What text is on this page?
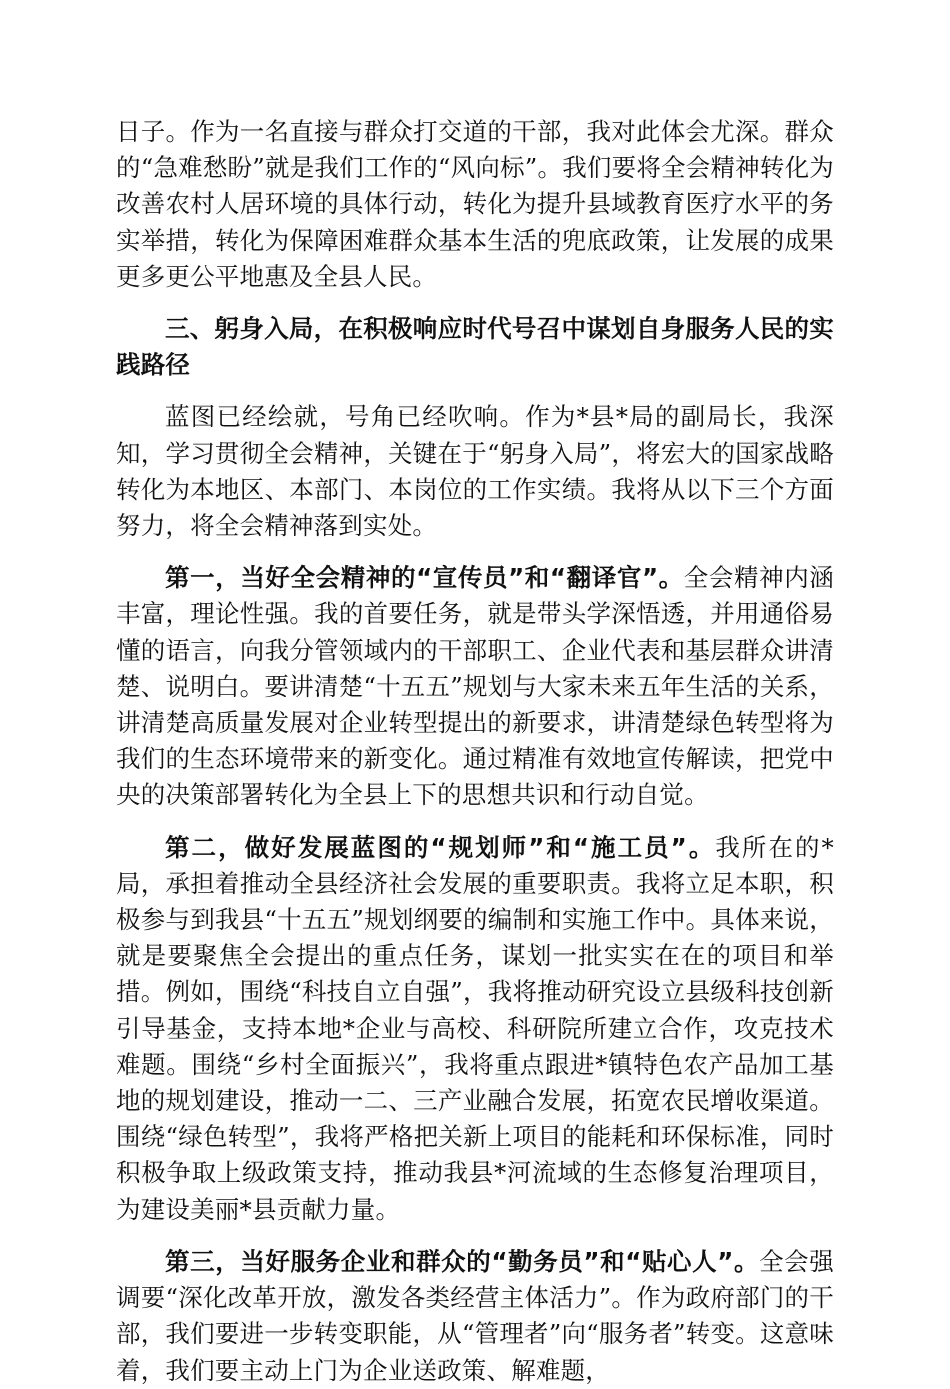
日子。作为一名直接与群众打交道的干部，我对此体会尤深。群众的“急难愁盼”就是我们工作的“风向标”。我们要将全会精神转化为改善农村人居环境的具体行动，转化为提升县域教育医疗水平的务实举措，转化为保障困难群众基本生活的兜底政策，让发展的成果更多更公平地惠及全县人民。

三、躬身入局，在积极响应时代号召中谋划自身服务人民的实践路径

蓝图已经绘就，号角已经吹响。作为*县*局的副局长，我深知，学习贯彻全会精神，关键在于“躬身入局”，将宏大的国家战略转化为本地区、本部门、本岗位的工作实绩。我将从以下三个方面努力，将全会精神落到实处。

第一，当好全会精神的“宣传员”和“翻译官”。全会精神内涵丰富，理论性强。我的首要任务，就是带头学深悟透，并用通俗易懂的语言，向我分管领域内的干部职工、企业代表和基层群众讲清楚、说明白。要讲清楚“十五五”规划与大家未来五年生活的关系，讲清楚高质量发展对企业转型提出的新要求，讲清楚绿色转型将为我们的生态环境带来的新变化。通过精准有效地宣传解读，把党中央的决策部署转化为全县上下的思想共识和行动自觉。

第二，做好发展蓝图的“规划师”和“施工员”。我所在的*局，承担着推动全县经济社会发展的重要职责。我将立足本职，积极参与到我县“十五五”规划纲要的编制和实施工作中。具体来说，就是要聚焦全会提出的重点任务，谋划一批实实在在的项目和举措。例如，围绕“科技自立自强”，我将推动研究设立县级科技创新引导基金，支持本地*企业与高校、科研院所建立合作，攻克技术难题。围绕“乡村全面振兴”，我将重点跟进*镇特色农产品加工基地的规划建设，推动一二、三产业融合发展，拓宽农民增收渠道。围绕“绿色转型”，我将严格把关新上项目的能耗和环保标准，同时积极争取上级政策支持，推动我县*河流域的生态修复治理项目，为建设美丽*县贡献力量。

第三，当好服务企业和群众的“勤务员”和“贴心人”。全会强调要“深化改革开放，激发各类经营主体活力”。作为政府部门的干部，我们要进一步转变职能，从“管理者”向“服务者”转变。这意味着，我们要主动上门为企业送政策、解难题，
